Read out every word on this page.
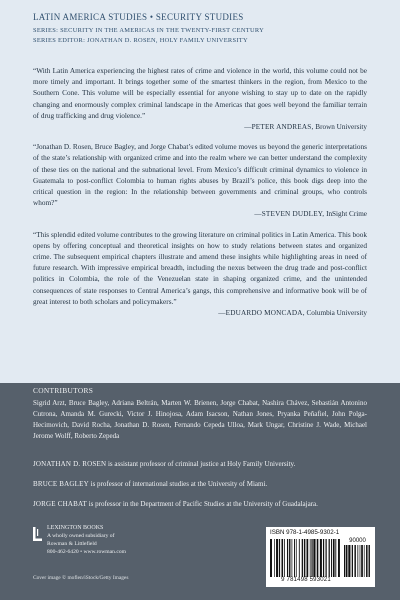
LATIN AMERICA STUDIES • SECURITY STUDIES
SERIES: SECURITY IN THE AMERICAS IN THE TWENTY-FIRST CENTURY
SERIES EDITOR: JONATHAN D. ROSEN, HOLY FAMILY UNIVERSITY
“With Latin America experiencing the highest rates of crime and violence in the world, this volume could not be more timely and important. It brings together some of the smartest thinkers in the region, from Mexico to the Southern Cone. This volume will be especially essential for anyone wishing to stay up to date on the rapidly changing and enormously complex criminal landscape in the Americas that goes well beyond the familiar terrain of drug trafficking and drug violence.”
—PETER ANDREAS, Brown University
“Jonathan D. Rosen, Bruce Bagley, and Jorge Chabat’s edited volume moves us beyond the generic interpretations of the state’s relationship with organized crime and into the realm where we can better understand the complexity of these ties on the national and the subnational level. From Mexico’s difficult criminal dynamics to violence in Guatemala to post-conflict Colombia to human rights abuses by Brazil’s police, this book digs deep into the critical question in the region: In the relationship between governments and criminal groups, who controls whom?”
—STEVEN DUDLEY, InSight Crime
“This splendid edited volume contributes to the growing literature on criminal politics in Latin America. This book opens by offering conceptual and theoretical insights on how to study relations between states and organized crime. The subsequent empirical chapters illustrate and amend these insights while highlighting areas in need of future research. With impressive empirical breadth, including the nexus between the drug trade and post-conflict politics in Colombia, the role of the Venezuelan state in shaping organized crime, and the unintended consequences of state responses to Central America’s gangs, this comprehensive and informative book will be of great interest to both scholars and policymakers.”
—EDUARDO MONCADA, Columbia University
CONTRIBUTORS
Sigrid Arzt, Bruce Bagley, Adriana Beltrán, Marten W. Brienen, Jorge Chabat, Nashira Chávez, Sebastián Antonino Cutrona, Amanda M. Gurecki, Victor J. Hinojosa, Adam Isacson, Nathan Jones, Pryanka Peñafiel, John Polga-Hecimovich, David Rocha, Jonathan D. Rosen, Fernando Cepeda Ulloa, Mark Ungar, Christine J. Wade, Michael Jerome Wolff, Roberto Zepeda
JONATHAN D. ROSEN is assistant professor of criminal justice at Holy Family University.
BRUCE BAGLEY is professor of international studies at the University of Miami.
JORGE CHABAT is professor in the Department of Pacific Studies at the University of Guadalajara.
LEXINGTON BOOKS
A wholly owned subsidiary of
Rowman & Littlefield
800-462-6420 • www.rowman.com
Cover image © moflen/iStock/Getty Images
ISBN 978-1-4985-9302-1
90000
9 781498 593021
